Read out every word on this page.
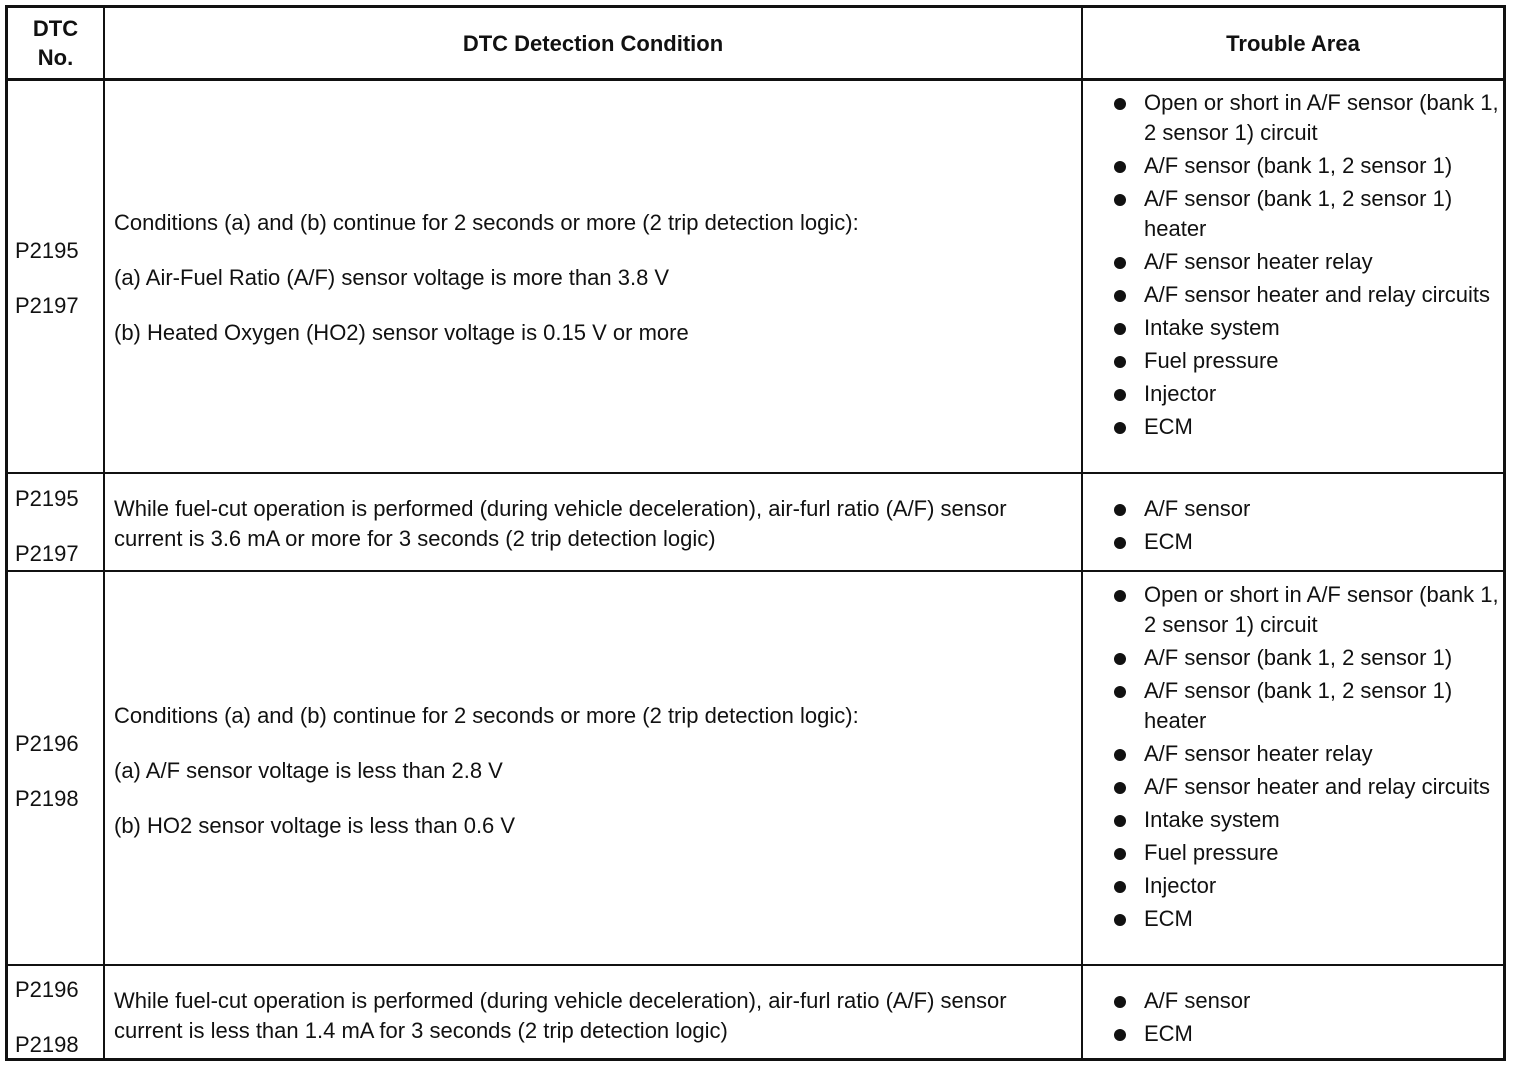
DTC No.
DTC Detection Condition	Trouble Area
P2195
P2197

Conditions (a) and (b) continue for 2 seconds or more (2 trip detection logic):

(a) Air-Fuel Ratio (A/F) sensor voltage is more than 3.8 V

(b) Heated Oxygen (HO2) sensor voltage is 0.15 V or more

Open or short in A/F sensor (bank 1, 2 sensor 1) circuit
A/F sensor (bank 1, 2 sensor 1)
A/F sensor (bank 1, 2 sensor 1) heater
A/F sensor heater relay
A/F sensor heater and relay circuits
Intake system
Fuel pressure
Injector
ECM
P2195
P2197

While fuel-cut operation is performed (during vehicle deceleration), air-furl ratio (A/F) sensor current is 3.6 mA or more for 3 seconds (2 trip detection logic)

A/F sensor
ECM
P2196
P2198

Conditions (a) and (b) continue for 2 seconds or more (2 trip detection logic):

(a) A/F sensor voltage is less than 2.8 V

(b) HO2 sensor voltage is less than 0.6 V

Open or short in A/F sensor (bank 1, 2 sensor 1) circuit
A/F sensor (bank 1, 2 sensor 1)
A/F sensor (bank 1, 2 sensor 1) heater
A/F sensor heater relay
A/F sensor heater and relay circuits
Intake system
Fuel pressure
Injector
ECM
P2196
P2198

While fuel-cut operation is performed (during vehicle deceleration), air-furl ratio (A/F) sensor current is less than 1.4 mA for 3 seconds (2 trip detection logic)

A/F sensor
ECM
